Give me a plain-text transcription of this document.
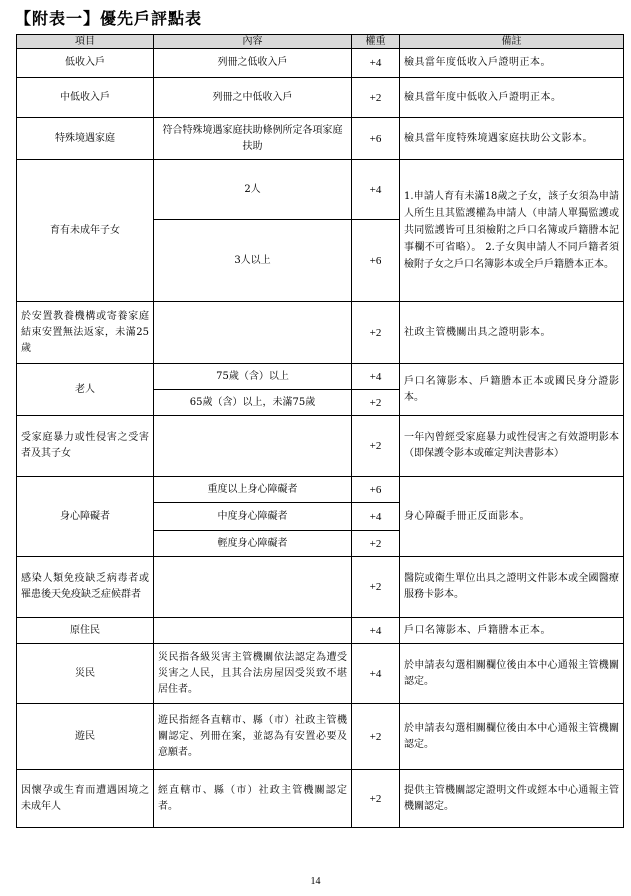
【附表一】優先戶評點表
項目	內容	權重	備註
低收入戶	列冊之低收入戶	+4	檢具當年度低收入戶證明正本。
中低收入戶	列冊之中低收入戶	+2	檢具當年度中低收入戶證明正本。
特殊境遇家庭	符合特殊境遇家庭扶助條例所定各項家庭扶助	+6	檢具當年度特殊境遇家庭扶助公文影本。
育有未成年子女	2人	+4	1.申請人育有未滿18歲之子女，該子女須為申請人所生且其監護權為申請人（申請人單獨監護或共同監護皆可且須檢附之戶口名簿或戶籍謄本記事欄不可省略）。 2.子女與申請人不同戶籍者須檢附子女之戶口名簿影本或全戶戶籍謄本正本。
	3人以上	+6	
於安置教養機構或寄養家庭結束安置無法返家，未滿25歲		+2	社政主管機關出具之證明影本。
老人	75歲（含）以上	+4	戶口名簿影本、戶籍謄本正本或國民身分證影本。
	65歲（含）以上，未滿75歲	+2	
受家庭暴力或性侵害之受害者及其子女		+2	一年內曾經受家庭暴力或性侵害之有效證明影本（即保護令影本或確定判決書影本）
身心障礙者	重度以上身心障礙者	+6	身心障礙手冊正反面影本。
	中度身心障礙者	+4	
	輕度身心障礙者	+2	
感染人類免疫缺乏病毒者或罹患後天免疫缺乏症候群者		+2	醫院或衛生單位出具之證明文件影本或全國醫療服務卡影本。
原住民		+4	戶口名簿影本、戶籍謄本正本。
災民	災民指各級災害主管機關依法認定為遭受災害之人民，且其合法房屋因受災致不堪居住者。	+4	於申請表勾選相關欄位後由本中心通報主管機關認定。
遊民	遊民指經各直轄市、縣（市）社政主管機關認定、列冊在案，並認為有安置必要及意願者。	+2	於申請表勾選相關欄位後由本中心通報主管機關認定。
因懷孕或生育而遭遇困境之未成年人	經直轄市、縣（市）社政主管機關認定者。	+2	提供主管機關認定證明文件或經本中心通報主管機關認定。
14
